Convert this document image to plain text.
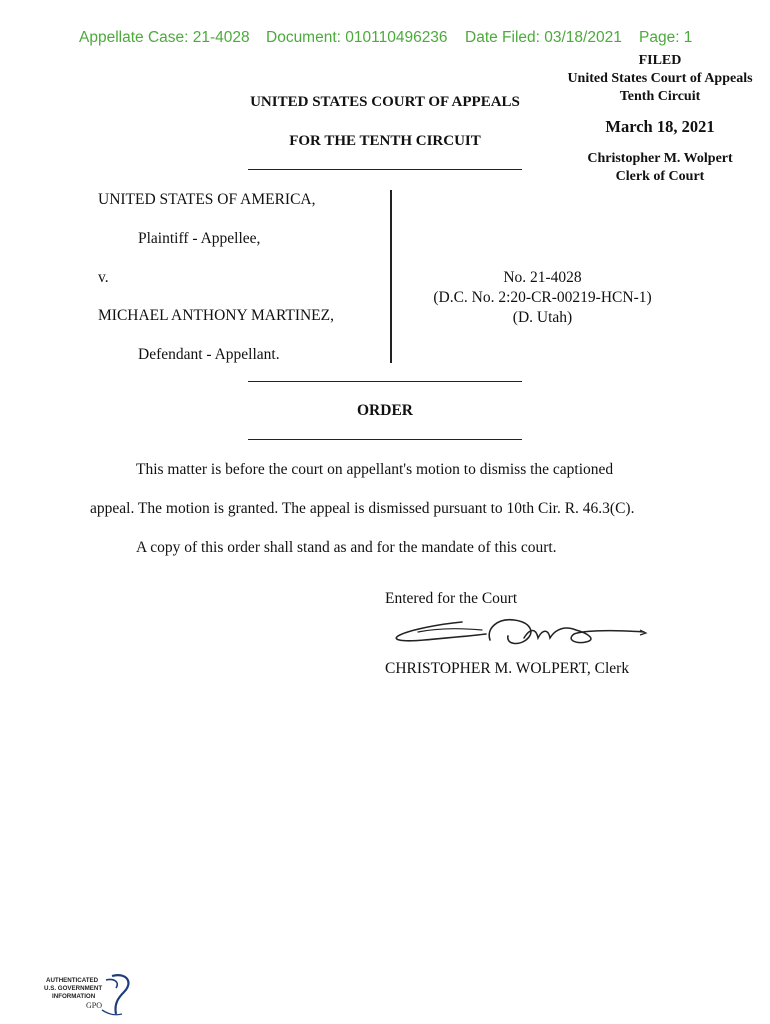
Appellate Case: 21-4028 Document: 010110496236 Date Filed: 03/18/2021 Page: 1
FILED
United States Court of Appeals
Tenth Circuit
March 18, 2021
Christopher M. Wolpert
Clerk of Court
UNITED STATES COURT OF APPEALS
FOR THE TENTH CIRCUIT
UNITED STATES OF AMERICA,
Plaintiff - Appellee,
v.
MICHAEL ANTHONY MARTINEZ,
Defendant - Appellant.
No. 21-4028
(D.C. No. 2:20-CR-00219-HCN-1)
(D. Utah)
ORDER
This matter is before the court on appellant's motion to dismiss the captioned
appeal. The motion is granted. The appeal is dismissed pursuant to 10th Cir. R. 46.3(C).
A copy of this order shall stand as and for the mandate of this court.
Entered for the Court
CHRISTOPHER M. WOLPERT, Clerk
AUTHENTICATED
U.S. GOVERNMENT
INFORMATION
GPO
